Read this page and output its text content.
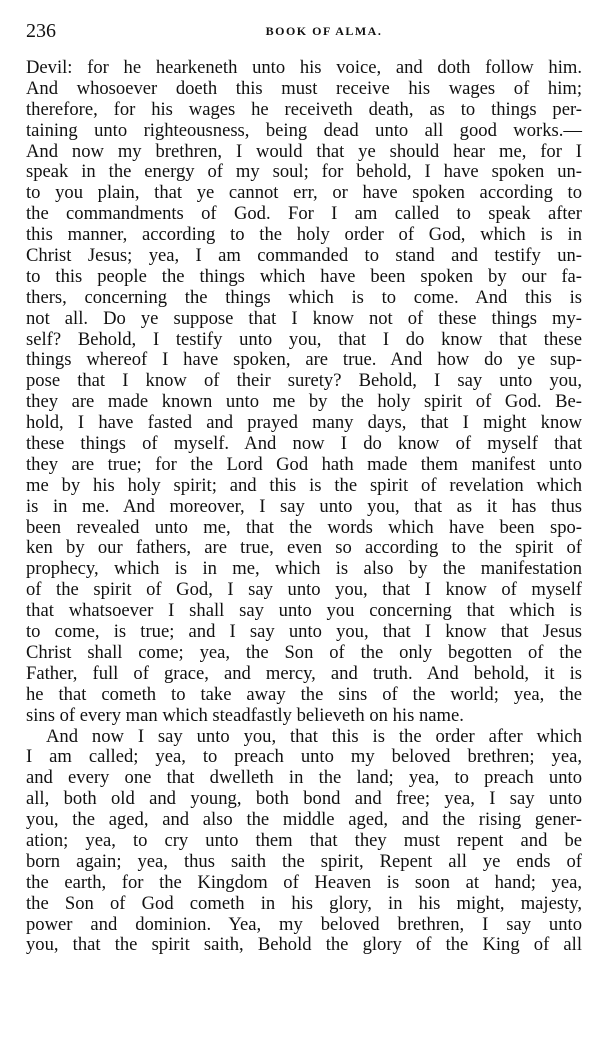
236	BOOK OF ALMA.
Devil: for he hearkeneth unto his voice, and doth follow him.
And whosoever doeth this must receive his wages of him;
therefore, for his wages he receiveth death, as to things per-
taining unto righteousness, being dead unto all good works.—
And now my brethren, I would that ye should hear me, for I
speak in the energy of my soul; for behold, I have spoken un-
to you plain, that ye cannot err, or have spoken according to
the commandments of God. For I am called to speak after
this manner, according to the holy order of God, which is in
Christ Jesus; yea, I am commanded to stand and testify un-
to this people the things which have been spoken by our fa-
thers, concerning the things which is to come. And this is
not all. Do ye suppose that I know not of these things my-
self? Behold, I testify unto you, that I do know that these
things whereof I have spoken, are true. And how do ye sup-
pose that I know of their surety? Behold, I say unto you,
they are made known unto me by the holy spirit of God. Be-
hold, I have fasted and prayed many days, that I might know
these things of myself. And now I do know of myself that
they are true; for the Lord God hath made them manifest unto
me by his holy spirit; and this is the spirit of revelation which
is in me. And moreover, I say unto you, that as it has thus
been revealed unto me, that the words which have been spo-
ken by our fathers, are true, even so according to the spirit of
prophecy, which is in me, which is also by the manifestation
of the spirit of God, I say unto you, that I know of myself
that whatsoever I shall say unto you concerning that which is
to come, is true; and I say unto you, that I know that Jesus
Christ shall come; yea, the Son of the only begotten of the
Father, full of grace, and mercy, and truth. And behold, it is
he that cometh to take away the sins of the world; yea, the
sins of every man which steadfastly believeth on his name.
And now I say unto you, that this is the order after which
I am called; yea, to preach unto my beloved brethren; yea,
and every one that dwelleth in the land; yea, to preach unto
all, both old and young, both bond and free; yea, I say unto
you, the aged, and also the middle aged, and the rising gener-
ation; yea, to cry unto them that they must repent and be
born again; yea, thus saith the spirit, Repent all ye ends of
the earth, for the Kingdom of Heaven is soon at hand; yea,
the Son of God cometh in his glory, in his might, majesty,
power and dominion. Yea, my beloved brethren, I say unto
you, that the spirit saith, Behold the glory of the King of all
